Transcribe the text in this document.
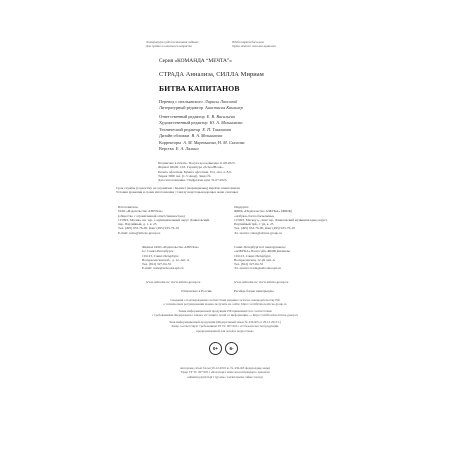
Литература художественная издание

Для среднего школьного возраста

Әдеби көркем басылым

Орта мектеп жасына арналған

Серия «КОМАНДА “МЕЧТА”»
СТРАДА Аннализа, СИЛЛА Мириам
БИТВА КАПИТАНОВ

Перевод с итальянского Ларисы Лаосовой

Литературный редактор Анастасия Кашкиер

Ответственный редактор Е. В. Васильева

Художественный редактор Ю. А. Мельникова

Технический редактор Е. П. Тимашова

Дизайн обложки В. А. Мельникова

Корректоры А. М. Мартынова, Н. М. Смолова

Верстка Е. А. Ляхина

Подписано в печать / Басуға қол қойылды 11.08.2023.

Формат 60x90 1/16. Гарнитура «SchoolBook».

Печать офсетная. Бумага офсетная. Усл. печ. л. 8,0.

Тираж 3000 экз. (1-3 завод). Заказ №

Дата изготовления / Өндірілген күні 31.07.2023.

Срок службы (годности): не ограничен / Қызмет (жарамдылық) мерзімі: шектелмеген

Условия хранения и сроки изготовления / Сақтау шарттарын қараңыз және сақтаңыз

Изготовитель:

ООО «Издательство АЗБУКА»

(общество с ограниченной ответственностью)

115093, Москва, вн. тер. г. муниципальный округ Даниловский,

пер. Партийный, д. 1, к. 25

Тел. (495) 933-76-00, факс (495) 933-76-19

E-mail: sales@atticus-group.ru

Өндіруші:

ЖШҚ «Издательство АЗБУКА» (ЖШҚ)

«Азбука» баспа басылымы»

115093, Мәскеу қ., ішкі тер. Даниловский муниципалдық округі,

Партийный тұй., 1 үй, к. 25

Тел. (495) 933-76-00, факс (495) 933-76-19

Эл. пошта: sales@atticus-group.ru

Филиал ООО «Издательство АЗБУКА»

в г. Санкт-Петербурге

191123, Санкт-Петербург,

Воскресенская наб., д. 12, лит. А

Тел. (812) 327-04-55

E-mail: trade@azbooka.spb.ru

Санкт-Петербургтегі шығарушысы:

«АЗБУКА» Баспа үйі» ЖШҚ филиалы

191123, Санкт-Петербург,

Воскресенская, 12-үй лит. А

Тел. (812) 327-04-55

Эл. пошта: trade@azbooka.spb.ru

www.azbooka.ru; www.atticus-group.ru	www.azbooka.ru; www.atticus-group.ru
Отпечатано в России.	Ресейде басып шығарылды

Сведения о подтверждении соответствия издания согласно законодательству РФ

о техническом регулировании можно получить на сайте: https://certification.atticus-group.ru

Знаки информационной продукции РФ применяются в соответствии

с требованиями Федерального закона «О защите детей от информации...» https://certification.atticus-group.ru

Знак информационной продукции (Федеральный закон № 436-ФЗ от 29.12.2010 г.)

Товар соответствует требованиям ТР ТС 007/2011 «О безопасности продукции,

предназначенной для детей и подростков»

0+	6-

Авторлық сатып басы (29.12.2010 ж. № 436-ФЗ федералдық заңы)

Тауар ТР ТС 007/2011 «Балаларға және жасөспірімдерге арналған

өнімнің қауіпсіздігі туралы» талаптарына сәйкес келеді
